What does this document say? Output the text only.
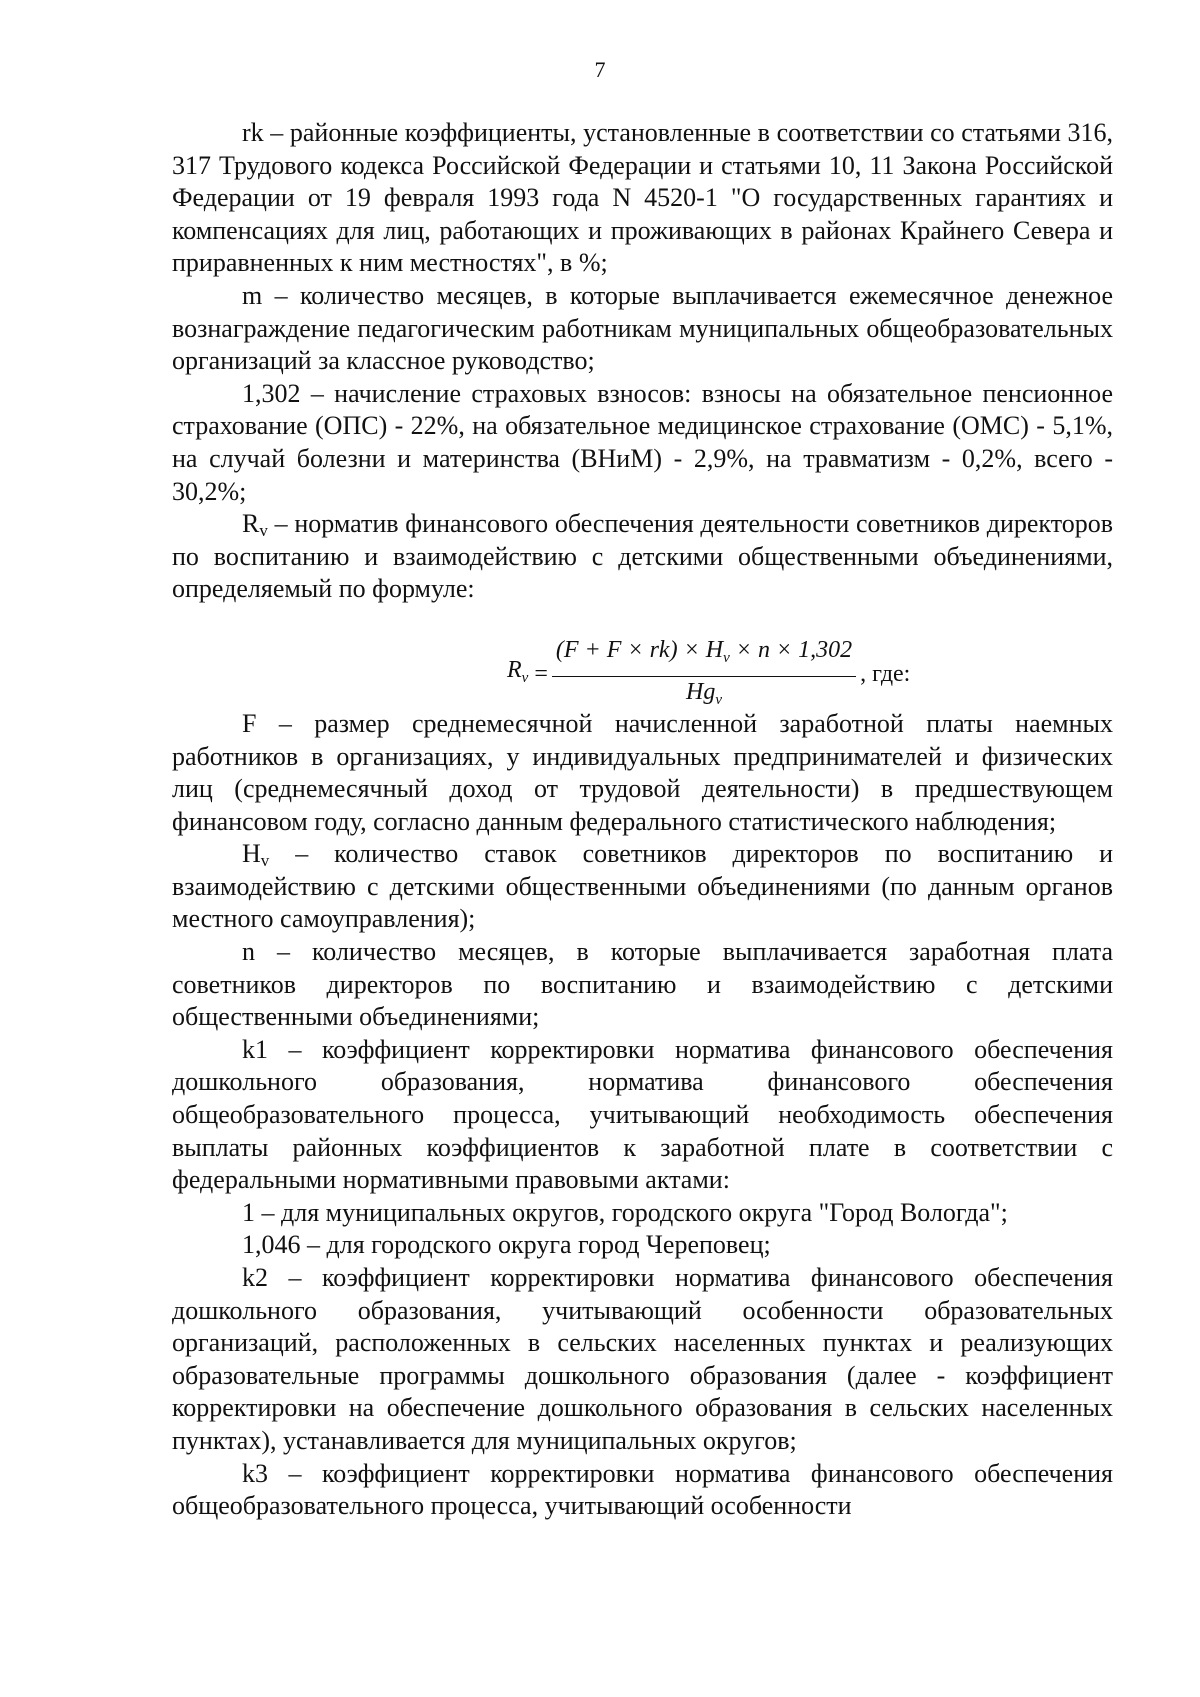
7

rk – районные коэффициенты, установленные в соответствии со статьями 316, 317 Трудового кодекса Российской Федерации и статьями 10, 11 Закона Российской Федерации от 19 февраля 1993 года N 4520-1 "О государственных гарантиях и компенсациях для лиц, работающих и проживающих в районах Крайнего Севера и приравненных к ним местностях", в %;

m – количество месяцев, в которые выплачивается ежемесячное денежное вознаграждение педагогическим работникам муниципальных общеобразовательных организаций за классное руководство;

1,302 – начисление страховых взносов: взносы на обязательное пенсионное страхование (ОПС) - 22%, на обязательное медицинское страхование (ОМС) - 5,1%, на случай болезни и материнства (ВНиМ) - 2,9%, на травматизм - 0,2%, всего - 30,2%;

$R_v$ – норматив финансового обеспечения деятельности советников директоров по воспитанию и взаимодействию с детскими общественными объединениями, определяемый по формуле:

$R_v = \frac{(F + F \times rk) \times H_v \times n \times 1,302}{Hg_v}$ , где:

F – размер среднемесячной начисленной заработной платы наемных работников в организациях, у индивидуальных предпринимателей и физических лиц (среднемесячный доход от трудовой деятельности) в предшествующем финансовом году, согласно данным федерального статистического наблюдения;

$H_v$ – количество ставок советников директоров по воспитанию и взаимодействию с детскими общественными объединениями (по данным органов местного самоуправления);

n – количество месяцев, в которые выплачивается заработная плата советников директоров по воспитанию и взаимодействию с детскими общественными объединениями;

k1 – коэффициент корректировки норматива финансового обеспечения дошкольного образования, норматива финансового обеспечения общеобразовательного процесса, учитывающий необходимость обеспечения выплаты районных коэффициентов к заработной плате в соответствии с федеральными нормативными правовыми актами:

1 – для муниципальных округов, городского округа "Город Вологда";

1,046 – для городского округа город Череповец;

k2 – коэффициент корректировки норматива финансового обеспечения дошкольного образования, учитывающий особенности образовательных организаций, расположенных в сельских населенных пунктах и реализующих образовательные программы дошкольного образования (далее - коэффициент корректировки на обеспечение дошкольного образования в сельских населенных пунктах), устанавливается для муниципальных округов;

k3 – коэффициент корректировки норматива финансового обеспечения общеобразовательного процесса, учитывающий особенности
